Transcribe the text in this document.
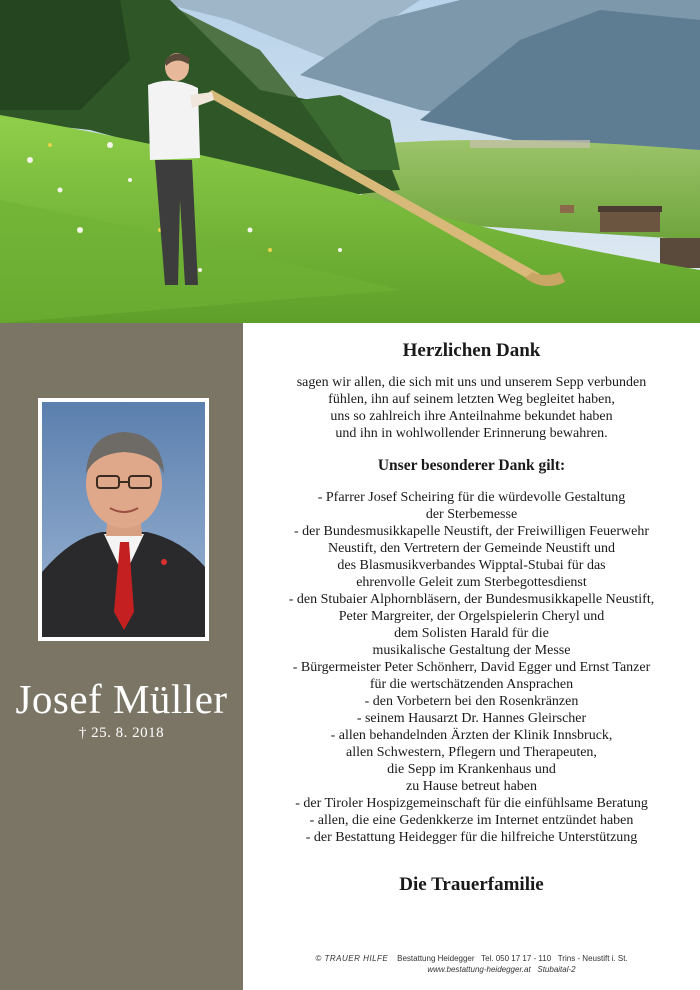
Josef Müller
† 25. 8. 2018
Herzlichen Dank
sagen wir allen, die sich mit uns und unserem Sepp verbunden
fühlen, ihn auf seinem letzten Weg begleitet haben,
uns so zahlreich ihre Anteilnahme bekundet haben
und ihn in wohlwollender Erinnerung bewahren.
Unser besonderer Dank gilt:
- Pfarrer Josef Scheiring für die würdevolle Gestaltung
der Sterbemesse
- der Bundesmusikkapelle Neustift, der Freiwilligen Feuerwehr
Neustift, den Vertretern der Gemeinde Neustift und
des Blasmusikverbandes Wipptal-Stubai für das
ehrenvolle Geleit zum Sterbegottesdienst
- den Stubaier Alphornbläsern, der Bundesmusikkapelle Neustift,
Peter Margreiter, der Orgelspielerin Cheryl und
dem Solisten Harald für die
musikalische Gestaltung der Messe
- Bürgermeister Peter Schönherr, David Egger und Ernst Tanzer
für die wertschätzenden Ansprachen
- den Vorbetern bei den Rosenkränzen
- seinem Hausarzt Dr. Hannes Gleirscher
- allen behandelnden Ärzten der Klinik Innsbruck,
allen Schwestern, Pflegern und Therapeuten,
die Sepp im Krankenhaus und
zu Hause betreut haben
- der Tiroler Hospizgemeinschaft für die einfühlsame Beratung
- allen, die eine Gedenkkerze im Internet entzündet haben
- der Bestattung Heidegger für die hilfreiche Unterstützung
Die Trauerfamilie
© TRAUER HILFE Bestattung Heidegger Tel. 050 17 17 - 110 Trins - Neustift i. St.
www.bestattung-heidegger.at Stubaital-2
